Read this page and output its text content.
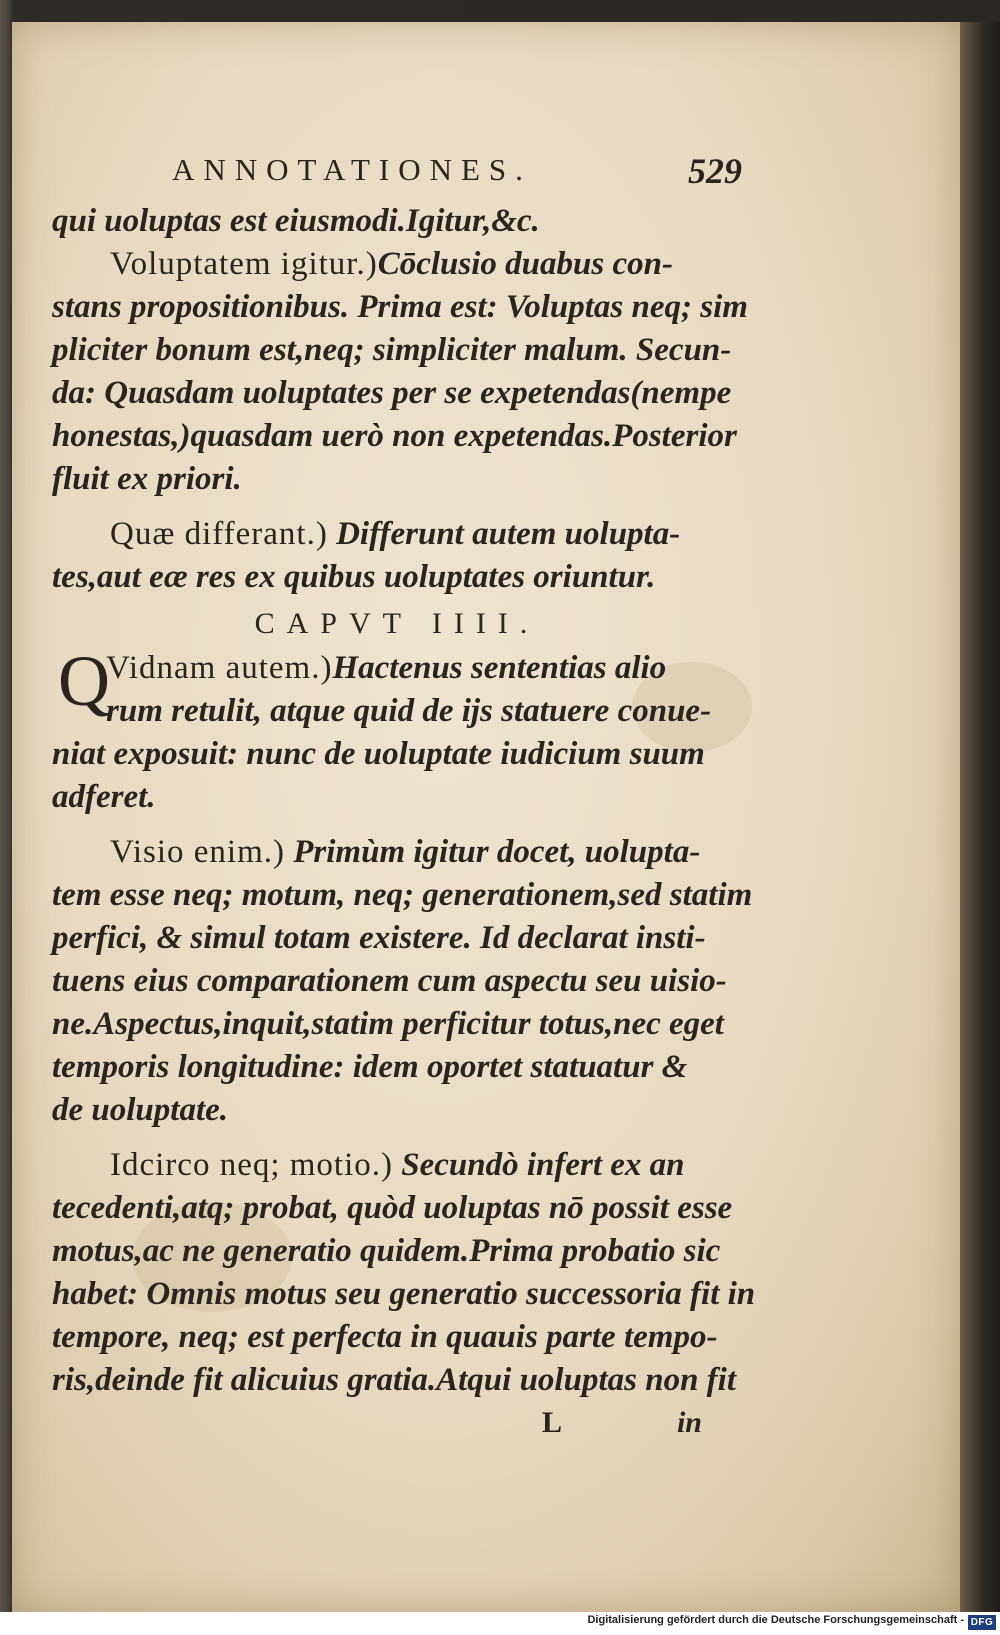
ANNOTATIONES.	529
qui uoluptas est eiusmodi.Igitur,&c.
Voluptatem igitur.)Cōclusio duabus con-
stans propositionibus. Prima est: Voluptas neq; sim
pliciter bonum est,neq; simpliciter malum. Secun-
da: Quasdam uoluptates per se expetendas(nempe
honestas,)quasdam uerò non expetendas.Posterior
fluit ex priori.
Quæ differant.) Differunt autem uolupta-
tes,aut eæ res ex quibus uoluptates oriuntur.
CAPVT IIII.
Q
Vidnam autem.)Hactenus sententias alio
rum retulit, atque quid de ijs statuere conue-
niat exposuit: nunc de uoluptate iudicium suum
adferet.
Visio enim.) Primùm igitur docet, uolupta-
tem esse neq; motum, neq; generationem,sed statim
perfici, & simul totam existere. Id declarat insti-
tuens eius comparationem cum aspectu seu uisio-
ne.Aspectus,inquit,statim perficitur totus,nec eget
temporis longitudine: idem oportet statuatur &
de uoluptate.
Idcirco neq; motio.) Secundò infert ex an
tecedenti,atq; probat, quòd uoluptas nō possit esse
motus,ac ne generatio quidem.Prima probatio sic
habet: Omnis motus seu generatio successoria fit in
tempore, neq; est perfecta in quauis parte tempo-
ris,deinde fit alicuius gratia.Atqui uoluptas non fit
L	in
Digitalisierung gefördert durch die Deutsche Forschungsgemeinschaft - DFG
